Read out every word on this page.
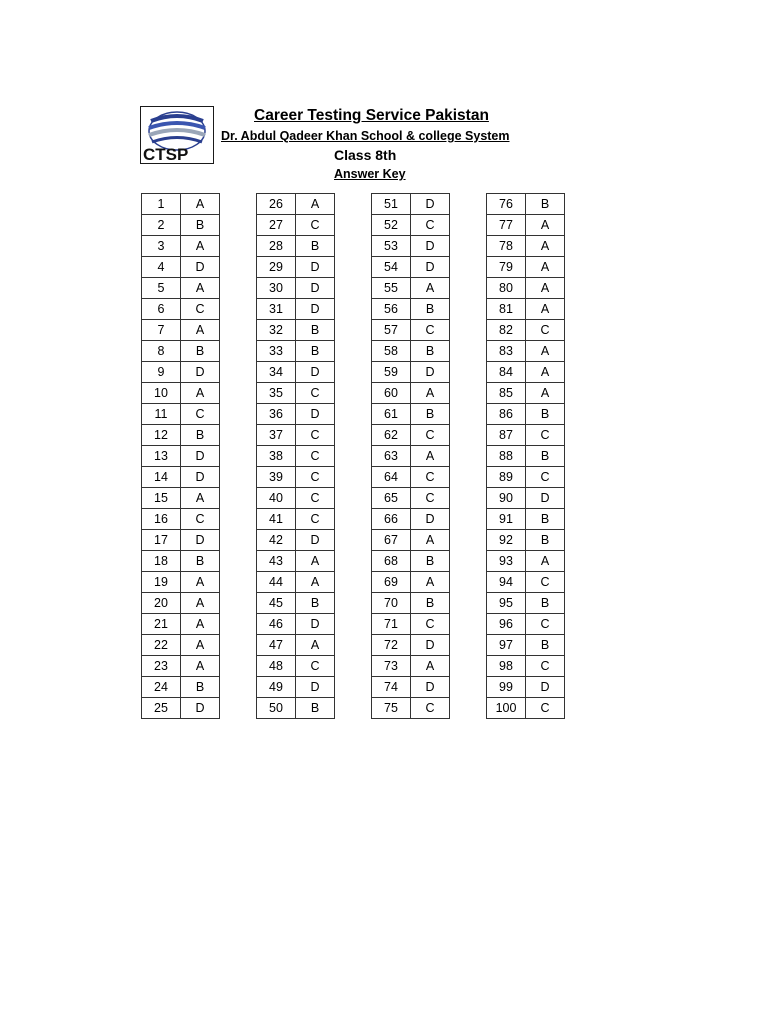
CTSP
Career Testing Service Pakistan
Dr. Abdul Qadeer Khan School & college System
Class 8th
Answer Key
1	A
2	B
3	A
4	D
5	A
6	C
7	A
8	B
9	D
10	A
11	C
12	B
13	D
14	D
15	A
16	C
17	D
18	B
19	A
20	A
21	A
22	A
23	A
24	B
25	D
26	A
27	C
28	B
29	D
30	D
31	D
32	B
33	B
34	D
35	C
36	D
37	C
38	C
39	C
40	C
41	C
42	D
43	A
44	A
45	B
46	D
47	A
48	C
49	D
50	B
51	D
52	C
53	D
54	D
55	A
56	B
57	C
58	B
59	D
60	A
61	B
62	C
63	A
64	C
65	C
66	D
67	A
68	B
69	A
70	B
71	C
72	D
73	A
74	D
75	C
76	B
77	A
78	A
79	A
80	A
81	A
82	C
83	A
84	A
85	A
86	B
87	C
88	B
89	C
90	D
91	B
92	B
93	A
94	C
95	B
96	C
97	B
98	C
99	D
100	C
